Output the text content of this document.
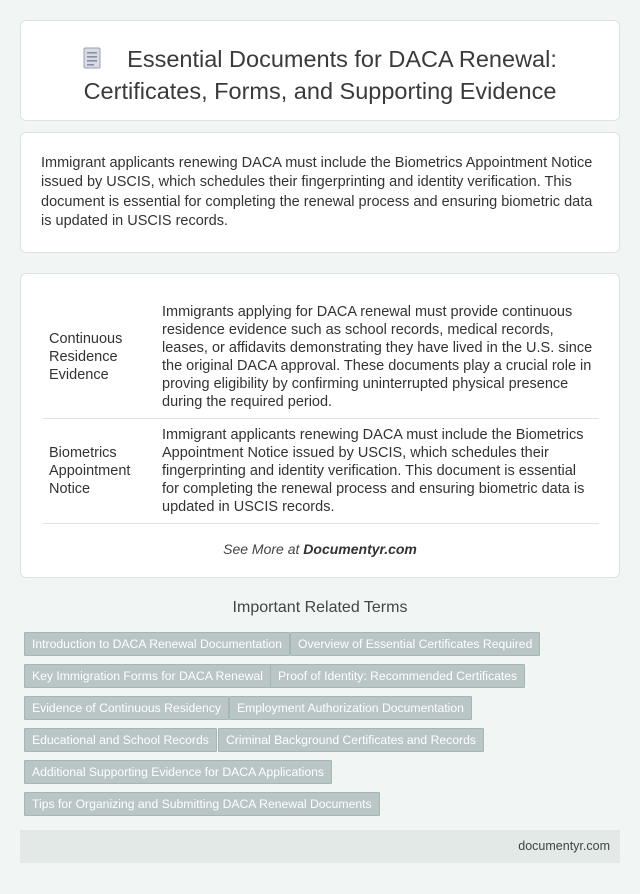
Essential Documents for DACA Renewal:
Certificates, Forms, and Supporting Evidence

Immigrant applicants renewing DACA must include the Biometrics Appointment Notice issued by USCIS, which schedules their fingerprinting and identity verification. This document is essential for completing the renewal process and ensuring biometric data is updated in USCIS records.

Continuous Residence Evidence	Immigrants applying for DACA renewal must provide continuous residence evidence such as school records, medical records, leases, or affidavits demonstrating they have lived in the U.S. since the original DACA approval. These documents play a crucial role in proving eligibility by confirming uninterrupted physical presence during the required period.
Biometrics Appointment Notice	Immigrant applicants renewing DACA must include the Biometrics Appointment Notice issued by USCIS, which schedules their fingerprinting and identity verification. This document is essential for completing the renewal process and ensuring biometric data is updated in USCIS records.
See More at Documentyr.com
Important Related Terms
Introduction to DACA Renewal Documentation	Overview of Essential Certificates Required
Key Immigration Forms for DACA Renewal	Proof of Identity: Recommended Certificates
Evidence of Continuous Residency	Employment Authorization Documentation
Educational and School Records	Criminal Background Certificates and Records
Additional Supporting Evidence for DACA Applications
Tips for Organizing and Submitting DACA Renewal Documents
documentyr.com
